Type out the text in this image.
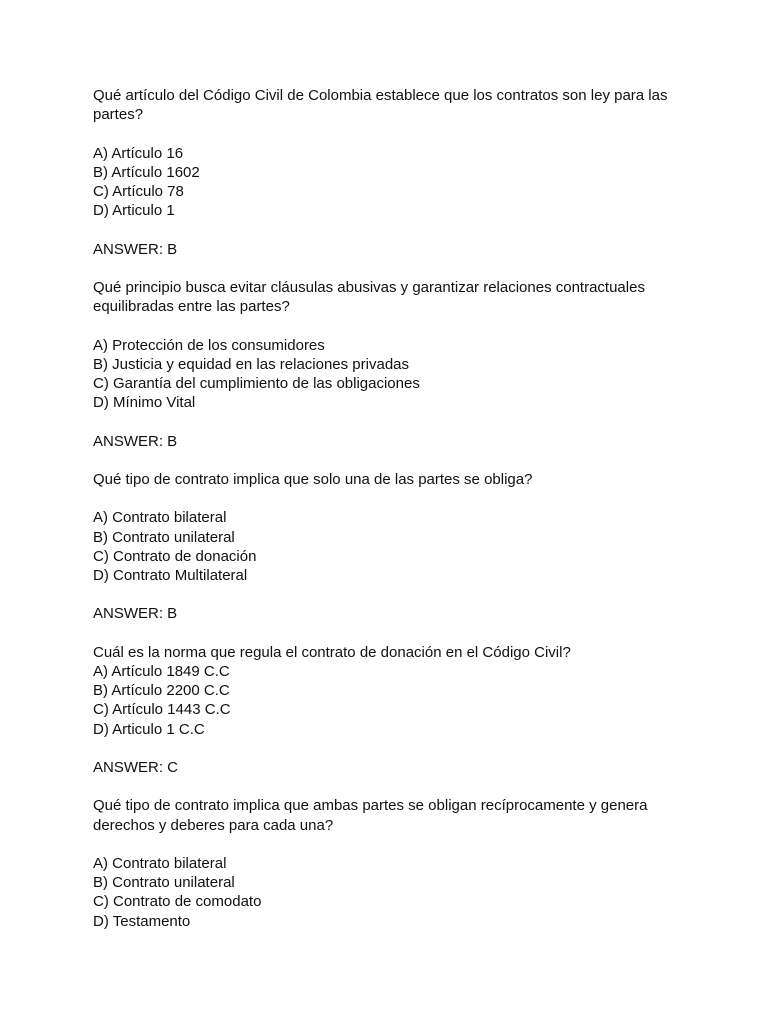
Qué artículo del Código Civil de Colombia establece que los contratos son ley para las partes?

A) Artículo 16
B) Artículo 1602
C) Artículo 78
D) Articulo 1

ANSWER: B

Qué principio busca evitar cláusulas abusivas y garantizar relaciones contractuales equilibradas entre las partes?

A) Protección de los consumidores
B) Justicia y equidad en las relaciones privadas
C) Garantía del cumplimiento de las obligaciones
D) Mínimo Vital

ANSWER: B

Qué tipo de contrato implica que solo una de las partes se obliga?

A) Contrato bilateral
B) Contrato unilateral
C) Contrato de donación
D) Contrato Multilateral

ANSWER: B

Cuál es la norma que regula el contrato de donación en el Código Civil?

A) Artículo 1849 C.C
B) Artículo 2200 C.C
C) Artículo 1443 C.C
D) Articulo 1 C.C

ANSWER: C

Qué tipo de contrato implica que ambas partes se obligan recíprocamente y genera derechos y deberes para cada una?

A) Contrato bilateral
B) Contrato unilateral
C) Contrato de comodato
D) Testamento
